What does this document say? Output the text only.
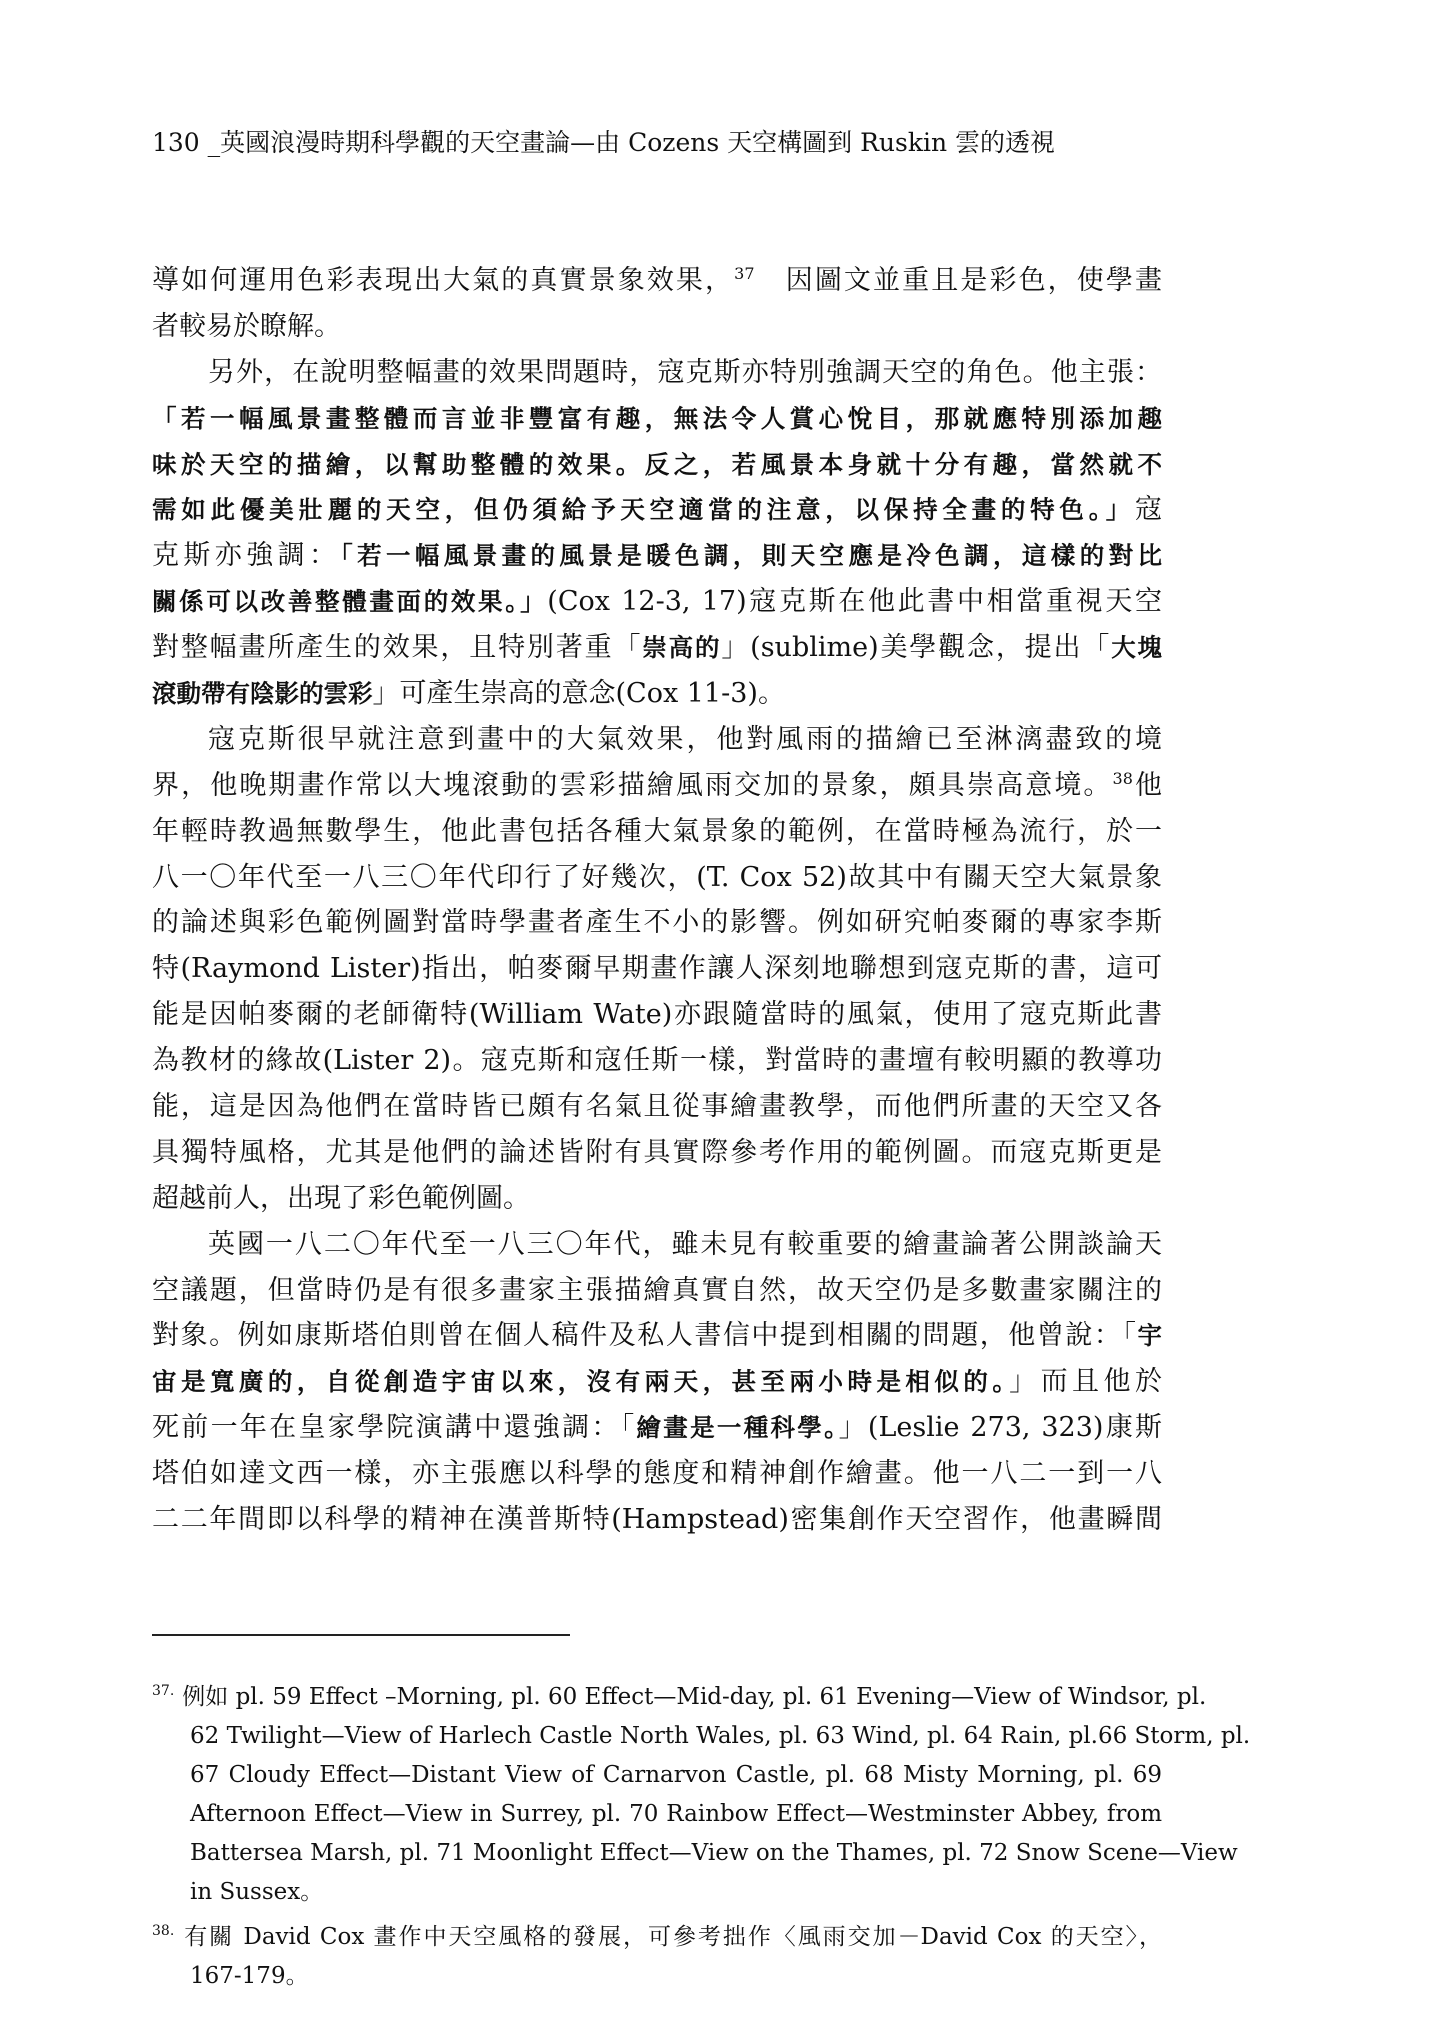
130 _英國浪漫時期科學觀的天空畫論—由 Cozens 天空構圖到 Ruskin 雲的透視
導如何運用色彩表現出大氣的真實景象效果，$^{37}$　因圖文並重且是彩色，使學畫
者較易於瞭解。
另外，在說明整幅畫的效果問題時，寇克斯亦特別強調天空的角色。他主張：
「若一幅風景畫整體而言並非豐富有趣，無法令人賞心悅目，那就應特別添加趣
味於天空的描繪，以幫助整體的效果。反之，若風景本身就十分有趣，當然就不
需如此優美壯麗的天空，但仍須給予天空適當的注意，以保持全畫的特色。」寇
克斯亦強調：「若一幅風景畫的風景是暖色調，則天空應是冷色調，這樣的對比
關係可以改善整體畫面的效果。」(Cox 12-3, 17)寇克斯在他此書中相當重視天空
對整幅畫所產生的效果，且特別著重「崇高的」(sublime)美學觀念，提出「大塊
滾動帶有陰影的雲彩」可產生崇高的意念(Cox 11-3)。
寇克斯很早就注意到畫中的大氣效果，他對風雨的描繪已至淋漓盡致的境
界，他晚期畫作常以大塊滾動的雲彩描繪風雨交加的景象，頗具崇高意境。$^{38}$他
年輕時教過無數學生，他此書包括各種大氣景象的範例，在當時極為流行，於一
八一〇年代至一八三〇年代印行了好幾次，(T. Cox 52)故其中有關天空大氣景象
的論述與彩色範例圖對當時學畫者產生不小的影響。例如研究帕麥爾的專家李斯
特(Raymond Lister)指出，帕麥爾早期畫作讓人深刻地聯想到寇克斯的書，這可
能是因帕麥爾的老師衛特(William Wate)亦跟隨當時的風氣，使用了寇克斯此書
為教材的緣故(Lister 2)。寇克斯和寇任斯一樣，對當時的畫壇有較明顯的教導功
能，這是因為他們在當時皆已頗有名氣且從事繪畫教學，而他們所畫的天空又各
具獨特風格，尤其是他們的論述皆附有具實際參考作用的範例圖。而寇克斯更是
超越前人，出現了彩色範例圖。
英國一八二〇年代至一八三〇年代，雖未見有較重要的繪畫論著公開談論天
空議題，但當時仍是有很多畫家主張描繪真實自然，故天空仍是多數畫家關注的
對象。例如康斯塔伯則曾在個人稿件及私人書信中提到相關的問題，他曾說：「宇
宙是寬廣的，自從創造宇宙以來，沒有兩天，甚至兩小時是相似的。」而且他於
死前一年在皇家學院演講中還強調：「繪畫是一種科學。」(Leslie 273, 323)康斯
塔伯如達文西一樣，亦主張應以科學的態度和精神創作繪畫。他一八二一到一八
二二年間即以科學的精神在漢普斯特(Hampstead)密集創作天空習作，他畫瞬間
$^{37.}$ 例如 pl. 59 Effect –Morning, pl. 60 Effect—Mid-day, pl. 61 Evening—View of Windsor, pl.
62 Twilight—View of Harlech Castle North Wales, pl. 63 Wind, pl. 64 Rain, pl.66 Storm, pl.
67 Cloudy Effect—Distant View of Carnarvon Castle, pl. 68 Misty Morning, pl. 69
Afternoon Effect—View in Surrey, pl. 70 Rainbow Effect—Westminster Abbey, from
Battersea Marsh, pl. 71 Moonlight Effect—View on the Thames, pl. 72 Snow Scene—View
in Sussex。
$^{38.}$ 有關 David Cox 畫作中天空風格的發展，可參考拙作〈風雨交加－David Cox 的天空〉，
167-179。
